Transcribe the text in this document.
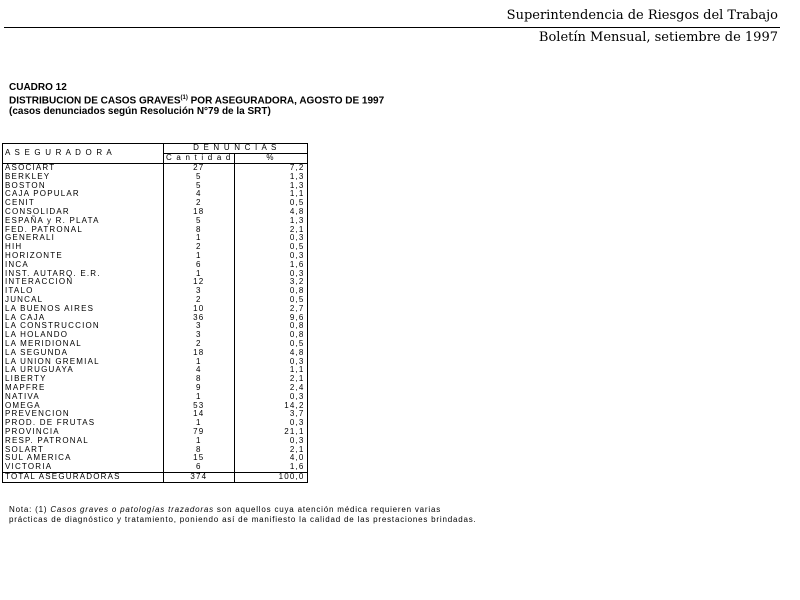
Superintendencia de Riesgos del Trabajo
Boletín Mensual, setiembre de 1997
CUADRO 12
DISTRIBUCION DE CASOS GRAVES$^{(1)}$ POR ASEGURADORA, AGOSTO DE 1997
(casos denunciados según Resolución N°79 de la SRT)
A S E G U R A D O R A	D E N U N C I A S	
	C a n t i d a d	%
ASOCIART	27	7,2
BERKLEY	5	1,3
BOSTON	5	1,3
CAJA POPULAR	4	1,1
CENIT	2	0,5
CONSOLIDAR	18	4,8
ESPAÑA y R. PLATA	5	1,3
FED. PATRONAL	8	2,1
GENERALI	1	0,3
HIH	2	0,5
HORIZONTE	1	0,3
INCA	6	1,6
INST. AUTARQ. E.R.	1	0,3
INTERACCION	12	3,2
ITALO	3	0,8
JUNCAL	2	0,5
LA BUENOS AIRES	10	2,7
LA CAJA	36	9,6
LA CONSTRUCCION	3	0,8
LA HOLANDO	3	0,8
LA MERIDIONAL	2	0,5
LA SEGUNDA	18	4,8
LA UNION GREMIAL	1	0,3
LA URUGUAYA	4	1,1
LIBERTY	8	2,1
MAPFRE	9	2,4
NATIVA	1	0,3
OMEGA	53	14,2
PREVENCION	14	3,7
PROD. DE FRUTAS	1	0,3
PROVINCIA	79	21,1
RESP. PATRONAL	1	0,3
SOLART	8	2,1
SUL AMERICA	15	4,0
VICTORIA	6	1,6
TOTAL ASEGURADORAS	374	100,0
Nota: (1) Casos graves o patologías trazadoras son aquellos cuya atención médica requieren varias prácticas de diagnóstico y tratamiento, poniendo así de manifiesto la calidad de las prestaciones brindadas.
